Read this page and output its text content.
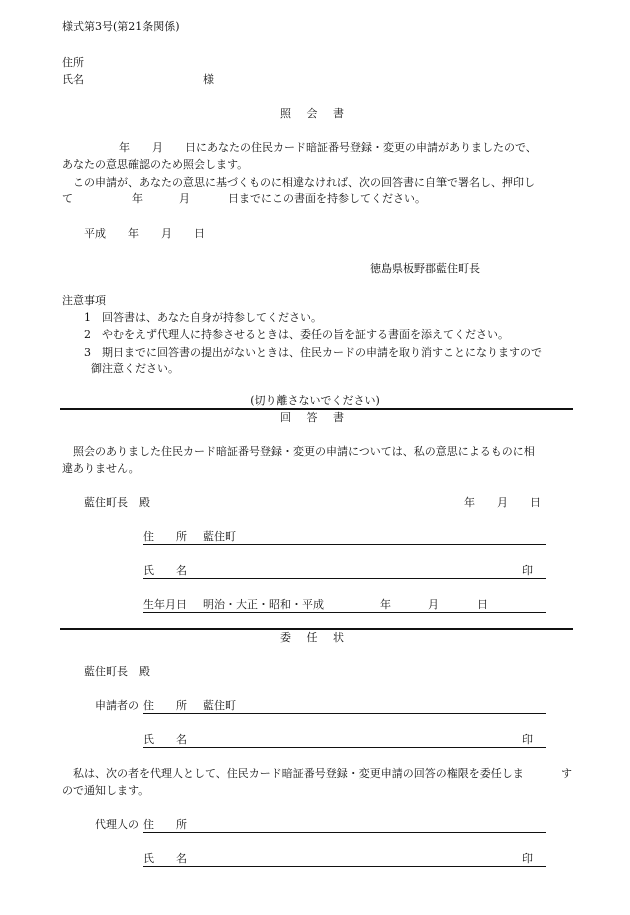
様式第3号(第21条関係)
住所
氏名	様
照 会 書
年　　月　　日にあなたの住民カード暗証番号登録・変更の申請がありましたので、
あなたの意思確認のため照会します。
この申請が、あなたの意思に基づくものに相違なければ、次の回答書に自筆で署名し、押印し
て	年	月	日までにこの書面を持参してください。
平成　　年　　月　　日
徳島県板野郡藍住町長
注意事項
1　回答書は、あなた自身が持参してください。
2　やむをえず代理人に持参させるときは、委任の旨を証する書面を添えてください。
3　期日までに回答書の提出がないときは、住民カードの申請を取り消すことになりますので
御注意ください。
(切り離さないでください)
回 答 書
照会のありました住民カード暗証番号登録・変更の申請については、私の意思によるものに相
違ありません。
藍住町長　殿	年　　月　　日
住　　所 藍住町
氏　　名	印
生年月日 明治・大正・昭和・平成	年	月	日
委 任 状
藍住町長　殿
申請者の 住　　所 藍住町
氏　　名	印
私は、次の者を代理人として、住民カード暗証番号登録・変更申請の回答の権限を委任しま	す
ので通知します。
代理人の 住　　所
氏　　名	印
